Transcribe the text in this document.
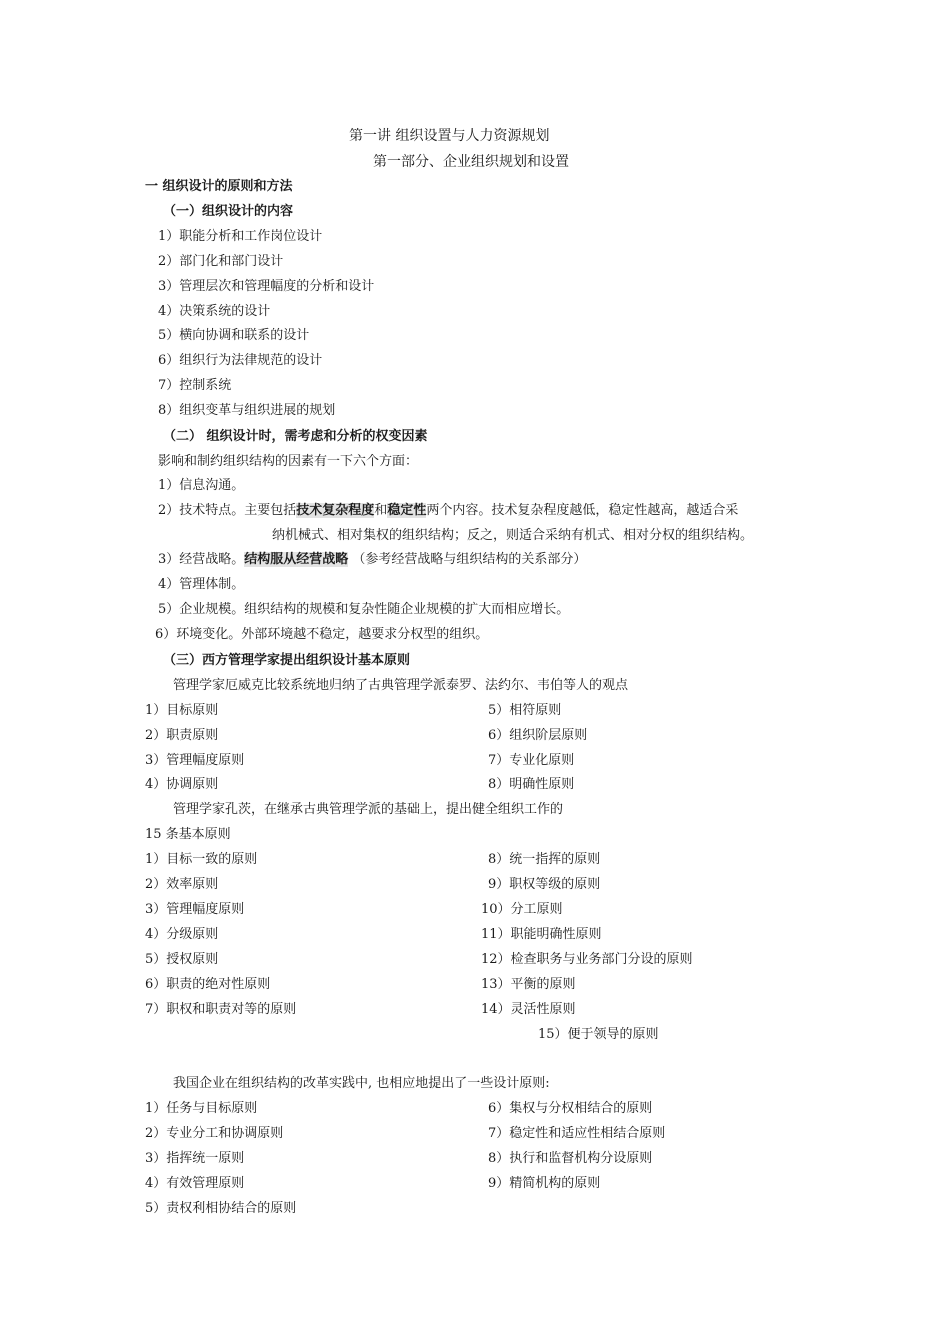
第一讲 组织设置与人力资源规划
第一部分、企业组织规划和设置
一 组织设计的原则和方法
（一）组织设计的内容
1）职能分析和工作岗位设计
2）部门化和部门设计
3）管理层次和管理幅度的分析和设计
4）决策系统的设计
5）横向协调和联系的设计
6）组织行为法律规范的设计
7）控制系统
8）组织变革与组织进展的规划
（二） 组织设计时，需考虑和分析的权变因素
影响和制约组织结构的因素有一下六个方面：
1）信息沟通。
2）技术特点。主要包括技术复杂程度和稳定性两个内容。技术复杂程度越低，稳定性越高，越适合采
纳机械式、相对集权的组织结构；反之，则适合采纳有机式、相对分权的组织结构。
3）经营战略。结构服从经营战略 （参考经营战略与组织结构的关系部分）
4）管理体制。
5）企业规模。组织结构的规模和复杂性随企业规模的扩大而相应增长。
6）环境变化。外部环境越不稳定，越要求分权型的组织。
（三）西方管理学家提出组织设计基本原则
管理学家厄威克比较系统地归纳了古典管理学派泰罗、法约尔、韦伯等人的观点
1）目标原则
2）职责原则
3）管理幅度原则
4）协调原则
5）相符原则
6）组织阶层原则
7）专业化原则
8）明确性原则
管理学家孔茨，在继承古典管理学派的基础上，提出健全组织工作的
15 条基本原则
1）目标一致的原则
2）效率原则
3）管理幅度原则
4）分级原则
5）授权原则
6）职责的绝对性原则
7）职权和职责对等的原则
8）统一指挥的原则
9）职权等级的原则
10）分工原则
11）职能明确性原则
12）检查职务与业务部门分设的原则
13）平衡的原则
14）灵活性原则
15）便于领导的原则
我国企业在组织结构的改革实践中, 也相应地提出了一些设计原则:
1）任务与目标原则
2）专业分工和协调原则
3）指挥统一原则
4）有效管理原则
5）责权利相协结合的原则
6）集权与分权相结合的原则
7）稳定性和适应性相结合原则
8）执行和监督机构分设原则
9）精简机构的原则
